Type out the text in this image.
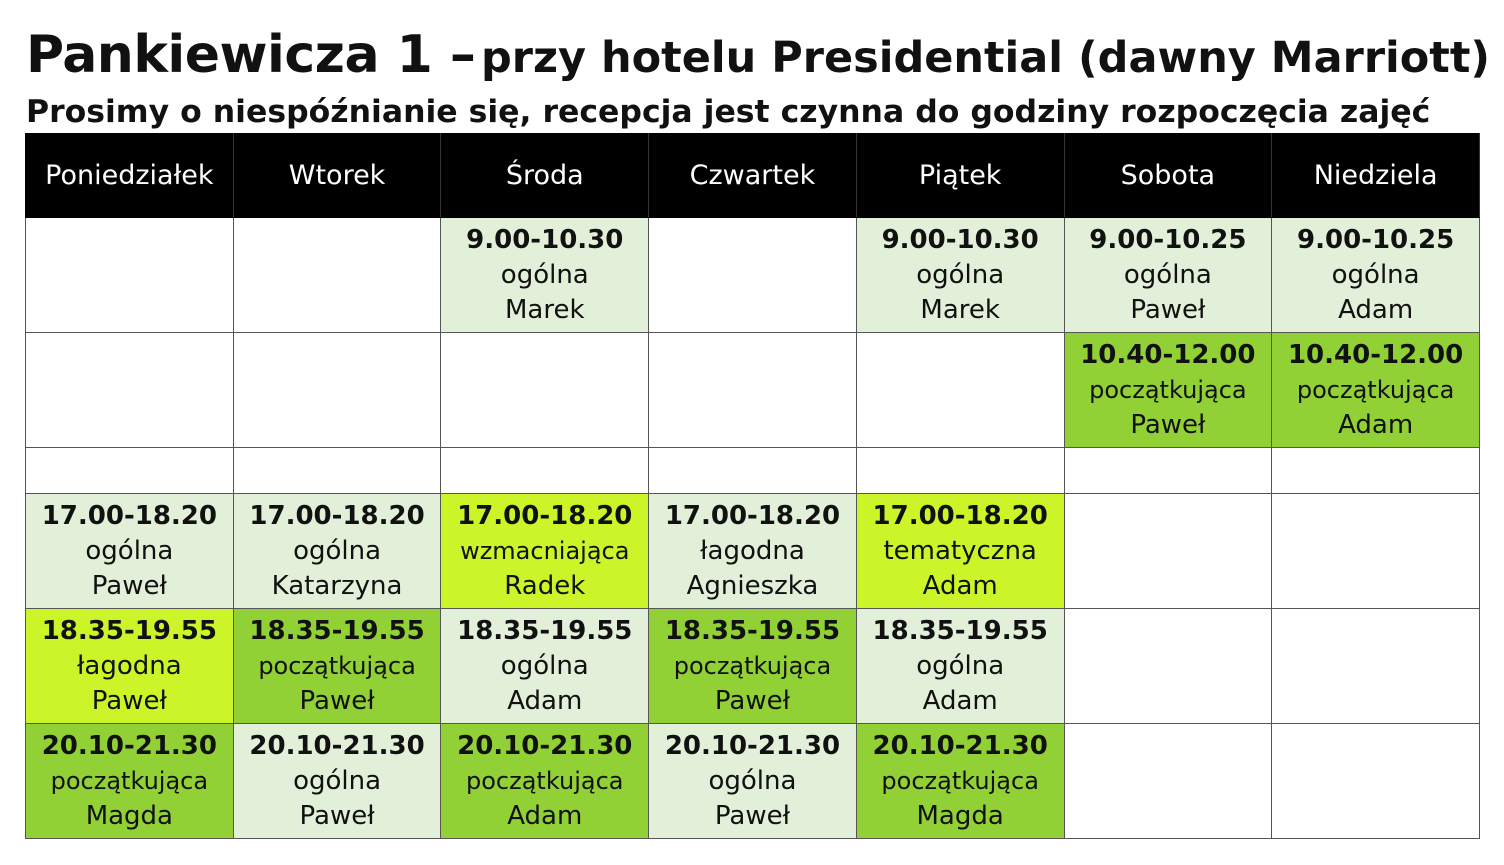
Pankiewicza 1 – przy hotelu Presidential (dawny Marriott)
Prosimy o niespóźnianie się, recepcja jest czynna do godziny rozpoczęcia zajęć
Poniedziałek	Wtorek	Środa	Czwartek	Piątek	Sobota	Niedziela

		9.00-10.30
ogólna
Marek		9.00-10.30
ogólna
Marek	9.00-10.25
ogólna
Paweł	9.00-10.25
ogólna
Adam

					10.40-12.00
początkująca
Paweł	10.40-12.00
początkująca
Adam

17.00-18.20
ogólna
Paweł	17.00-18.20
ogólna
Katarzyna	17.00-18.20
wzmacniająca
Radek	17.00-18.20
łagodna
Agnieszka	17.00-18.20
tematyczna
Adam		

18.35-19.55
łagodna
Paweł	18.35-19.55
początkująca
Paweł	18.35-19.55
ogólna
Adam	18.35-19.55
początkująca
Paweł	18.35-19.55
ogólna
Adam		

20.10-21.30
początkująca
Magda	20.10-21.30
ogólna
Paweł	20.10-21.30
początkująca
Adam	20.10-21.30
ogólna
Paweł	20.10-21.30
początkująca
Magda		
